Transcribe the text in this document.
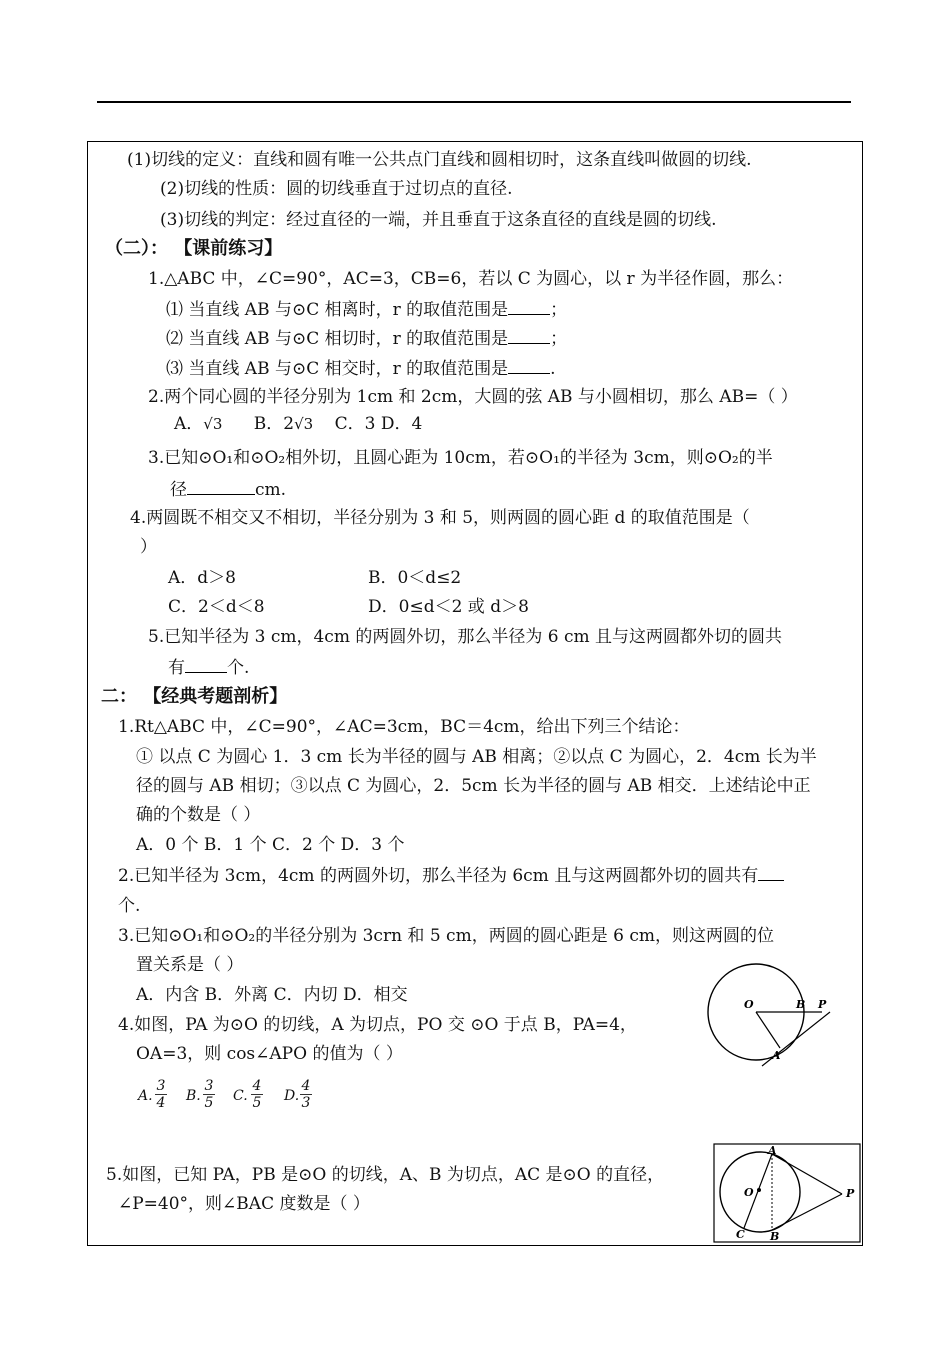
(1)切线的定义：直线和圆有唯一公共点门直线和圆相切时，这条直线叫做圆的切线.
(2)切线的性质：圆的切线垂直于过切点的直径.
(3)切线的判定：经过直径的一端，并且垂直于这条直径的直线是圆的切线.
（二）： 【课前练习】
1.△ABC 中，∠C=90°，AC=3，CB=6，若以 C 为圆心，以 r 为半径作圆，那么：
⑴ 当直线 AB 与⊙C 相离时，r 的取值范围是 ；
⑵ 当直线 AB 与⊙C 相切时，r 的取值范围是 ；
⑶ 当直线 AB 与⊙C 相交时，r 的取值范围是 .
2.两个同心圆的半径分别为 1cm 和 2cm，大圆的弦 AB 与小圆相切，那么 AB=（ ）
A．√3 B．2√3 C．3 D．4
3.已知⊙O₁和⊙O₂相外切，且圆心距为 10cm，若⊙O₁的半径为 3cm，则⊙O₂的半
径	cm.
4.两圆既不相交又不相切，半径分别为 3 和 5，则两圆的圆心距 d 的取值范围是（
）
A．d＞8	B．0＜d≤2
C．2＜d＜8	D．0≤d＜2 或 d＞8
5.已知半径为 3 cm，4cm 的两圆外切，那么半径为 6 cm 且与这两圆都外切的圆共
有 个.
二： 【经典考题剖析】
1.Rt△ABC 中，∠C=90°，∠AC=3cm，BC＝4cm，给出下列三个结论：
① 以点 C 为圆心 1．3 cm 长为半径的圆与 AB 相离；②以点 C 为圆心，2．4cm 长为半
径的圆与 AB 相切；③以点 C 为圆心，2．5cm 长为半径的圆与 AB 相交．上述结论中正
确的个数是（ ）
A．0 个 B．1 个 C．2 个 D．3 个
2.已知半径为 3cm，4cm 的两圆外切，那么半径为 6cm 且与这两圆都外切的圆共有
个.
3.已知⊙O₁和⊙O₂的半径分别为 3crn 和 5 cm，两圆的圆心距是 6 cm，则这两圆的位
置关系是（ ）
A．内含 B．外离 C．内切 D．相交
4.如图，PA 为⊙O 的切线，A 为切点，PO 交 ⊙O 于点 B，PA=4，
OA=3，则 cos∠APO 的值为（ ）
A. $\frac{3}{4} B$. $\frac{3}{5} C$. $\frac{4}{5} D$. $\frac{4}{3}$
5.如图，已知 PA，PB 是⊙O 的切线，A、B 为切点，AC 是⊙O 的直径，
∠P=40°，则∠BAC 度数是（ ）
O	B P
A
A
O	P
C B
